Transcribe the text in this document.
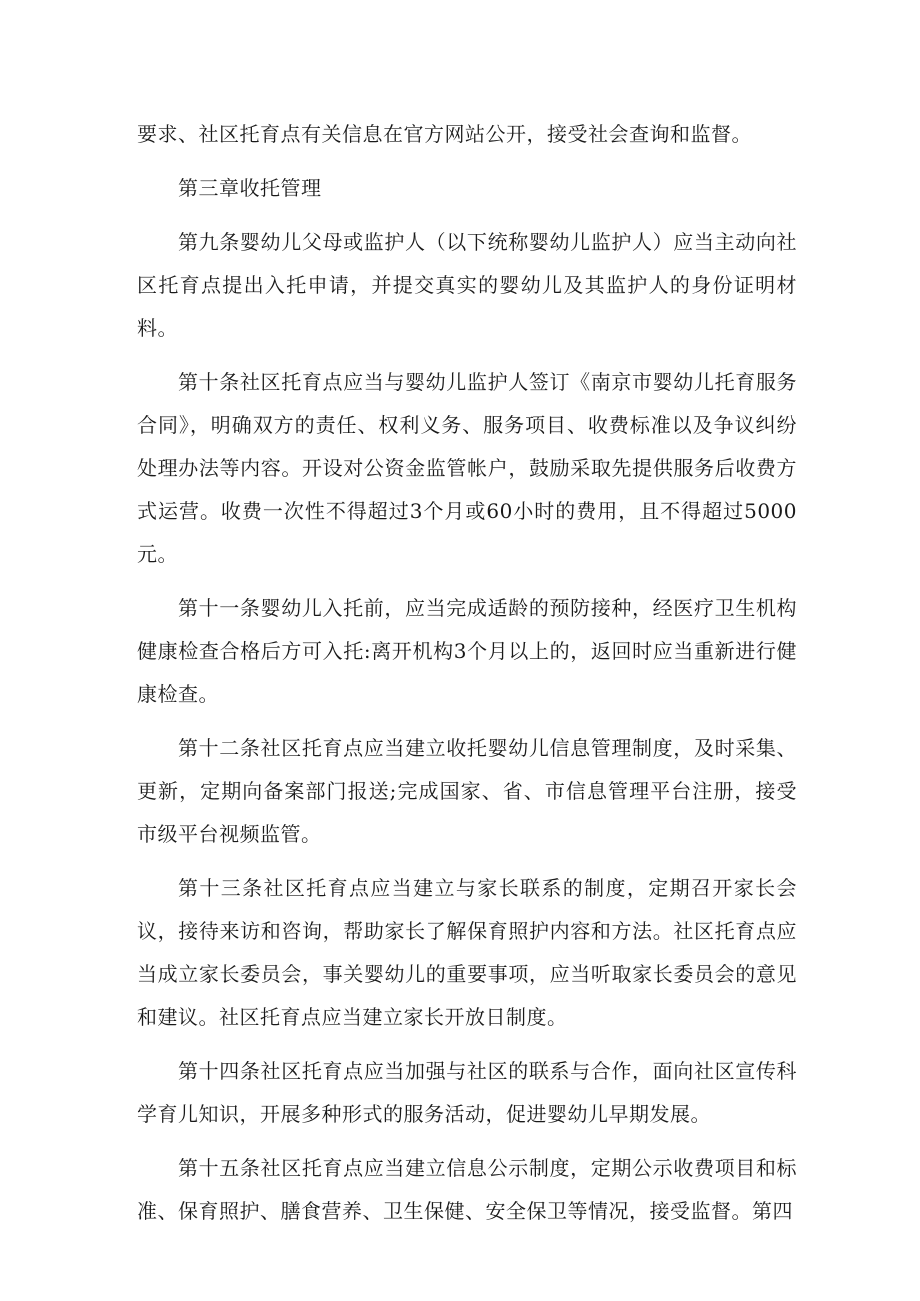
要求、社区托育点有关信息在官方网站公开，接受社会查询和监督。

第三章收托管理

第九条婴幼儿父母或监护人（以下统称婴幼儿监护人）应当主动向社区托育点提出入托申请，并提交真实的婴幼儿及其监护人的身份证明材料。

第十条社区托育点应当与婴幼儿监护人签订《南京市婴幼儿托育服务合同》，明确双方的责任、权利义务、服务项目、收费标准以及争议纠纷处理办法等内容。开设对公资金监管帐户，鼓励采取先提供服务后收费方式运营。收费一次性不得超过3个月或60小时的费用，且不得超过5000元。

第十一条婴幼儿入托前，应当完成适龄的预防接种，经医疗卫生机构健康检查合格后方可入托:离开机构3个月以上的，返回时应当重新进行健康检查。

第十二条社区托育点应当建立收托婴幼儿信息管理制度，及时采集、更新，定期向备案部门报送;完成国家、省、市信息管理平台注册，接受市级平台视频监管。

第十三条社区托育点应当建立与家长联系的制度，定期召开家长会议，接待来访和咨询，帮助家长了解保育照护内容和方法。社区托育点应当成立家长委员会，事关婴幼儿的重要事项，应当听取家长委员会的意见和建议。社区托育点应当建立家长开放日制度。

第十四条社区托育点应当加强与社区的联系与合作，面向社区宣传科学育儿知识，开展多种形式的服务活动，促进婴幼儿早期发展。

第十五条社区托育点应当建立信息公示制度，定期公示收费项目和标准、保育照护、膳食营养、卫生保健、安全保卫等情况，接受监督。第四
